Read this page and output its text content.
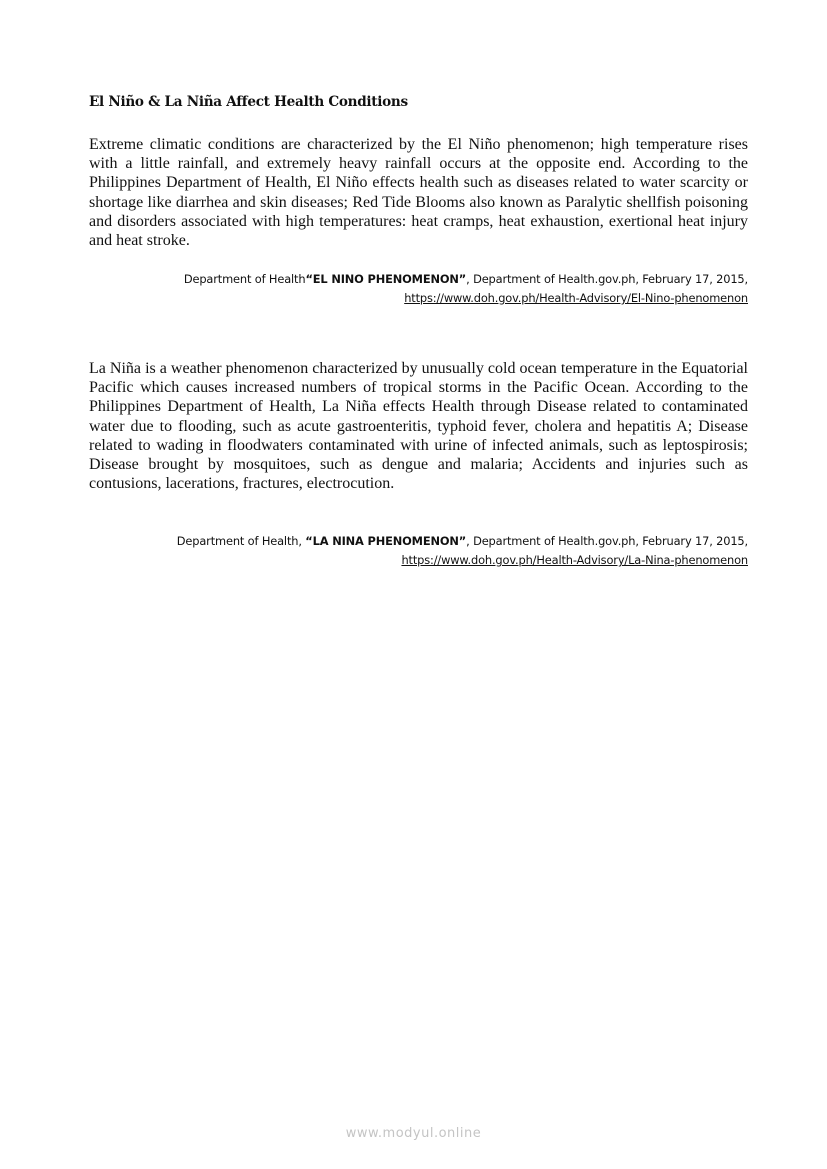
El Niño & La Niña Affect Health Conditions

Extreme climatic conditions are characterized by the El Niño phenomenon; high temperature rises with a little rainfall, and extremely heavy rainfall occurs at the opposite end. According to the Philippines Department of Health, El Niño effects health such as diseases related to water scarcity or shortage like diarrhea and skin diseases; Red Tide Blooms also known as Paralytic shellfish poisoning and disorders associated with high temperatures: heat cramps, heat exhaustion, exertional heat injury and heat stroke.

Department of Health“EL NINO PHENOMENON”, Department of Health.gov.ph, February 17, 2015,
https://www.doh.gov.ph/Health-Advisory/El-Nino-phenomenon

La Niña is a weather phenomenon characterized by unusually cold ocean temperature in the Equatorial Pacific which causes increased numbers of tropical storms in the Pacific Ocean. According to the Philippines Department of Health, La Niña effects Health through Disease related to contaminated water due to flooding, such as acute gastroenteritis, typhoid fever, cholera and hepatitis A; Disease related to wading in floodwaters contaminated with urine of infected animals, such as leptospirosis; Disease brought by mosquitoes, such as dengue and malaria; Accidents and injuries such as contusions, lacerations, fractures, electrocution.

Department of Health, “LA NINA PHENOMENON”, Department of Health.gov.ph, February 17, 2015,
https://www.doh.gov.ph/Health-Advisory/La-Nina-phenomenon

www.modyul.online
